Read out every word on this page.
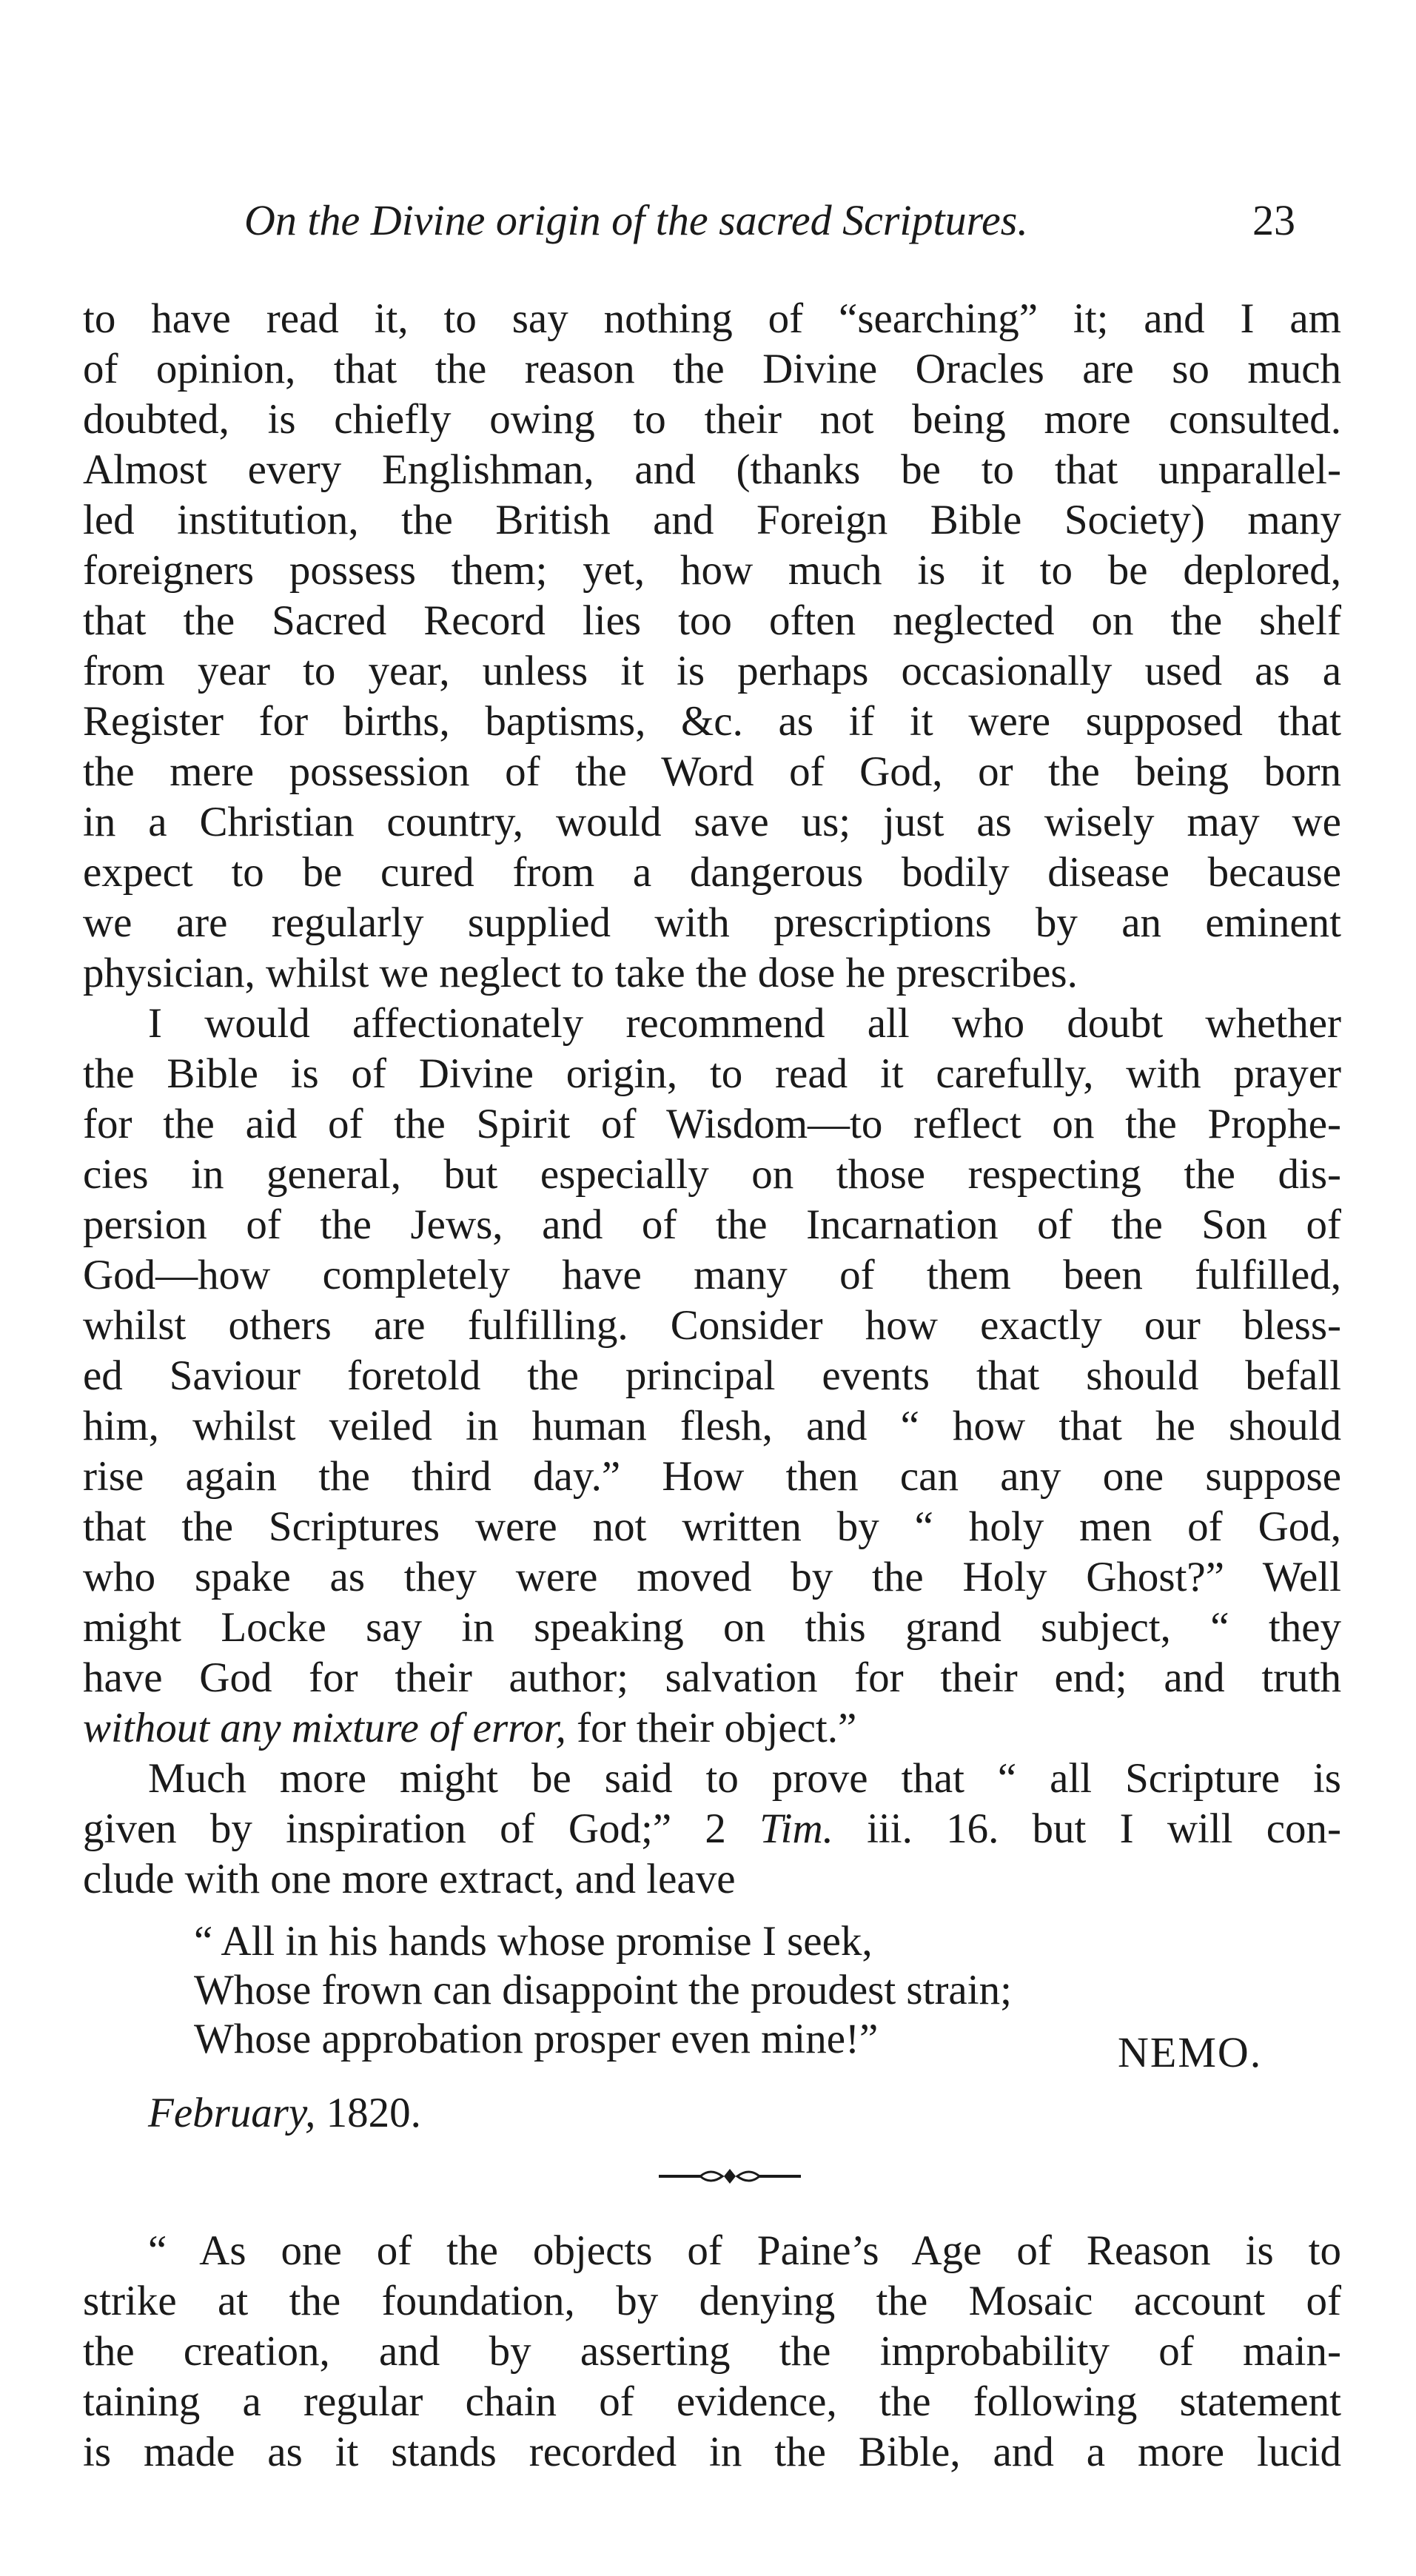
On the Divine origin of the sacred Scriptures.	23
to have read it, to say nothing of “searching” it; and I am
of opinion, that the reason the Divine Oracles are so much
doubted, is chiefly owing to their not being more consulted.
Almost every Englishman, and (thanks be to that unparallel-
led institution, the British and Foreign Bible Society) many
foreigners possess them; yet, how much is it to be deplored,
that the Sacred Record lies too often neglected on the shelf
from year to year, unless it is perhaps occasionally used as a
Register for births, baptisms, &c. as if it were supposed that
the mere possession of the Word of God, or the being born
in a Christian country, would save us; just as wisely may we
expect to be cured from a dangerous bodily disease because
we are regularly supplied with prescriptions by an eminent
physician, whilst we neglect to take the dose he prescribes.
I would affectionately recommend all who doubt whether
the Bible is of Divine origin, to read it carefully, with prayer
for the aid of the Spirit of Wisdom—to reflect on the Prophe-
cies in general, but especially on those respecting the dis-
persion of the Jews, and of the Incarnation of the Son of
God—how completely have many of them been fulfilled,
whilst others are fulfilling. Consider how exactly our bless-
ed Saviour foretold the principal events that should befall
him, whilst veiled in human flesh, and “ how that he should
rise again the third day.” How then can any one suppose
that the Scriptures were not written by “ holy men of God,
who spake as they were moved by the Holy Ghost?” Well
might Locke say in speaking on this grand subject, “ they
have God for their author; salvation for their end; and truth
without any mixture of error, for their object.”
Much more might be said to prove that “ all Scripture is
given by inspiration of God;” 2 Tim. iii. 16. but I will con-
clude with one more extract, and leave
“ All in his hands whose promise I seek,
Whose frown can disappoint the proudest strain;
Whose approbation prosper even mine!”	NEMO.
February, 1820.
“ As one of the objects of Paine’s Age of Reason is to
strike at the foundation, by denying the Mosaic account of
the creation, and by asserting the improbability of main-
taining a regular chain of evidence, the following statement
is made as it stands recorded in the Bible, and a more lucid
